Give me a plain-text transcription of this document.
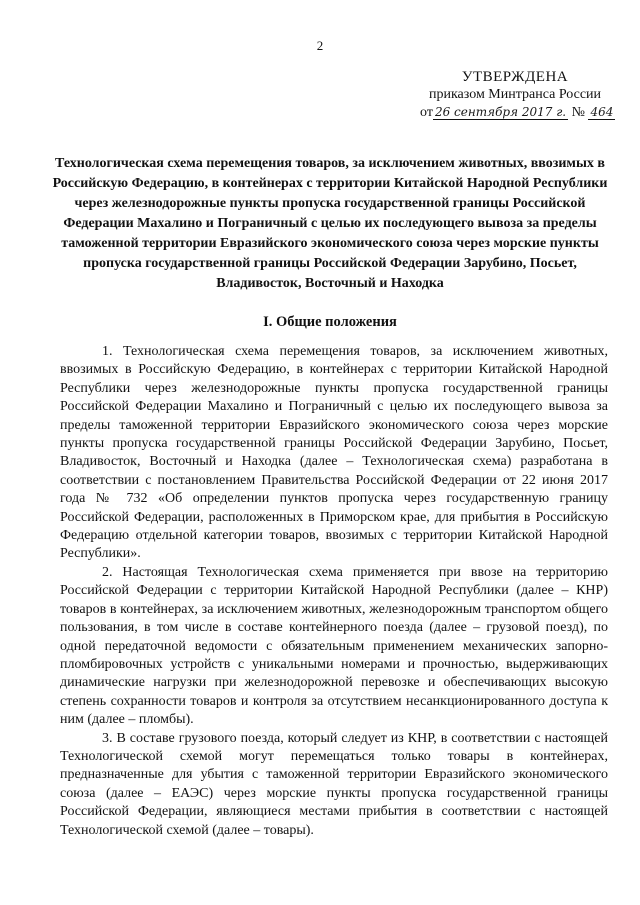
2
УТВЕРЖДЕНА
приказом Минтранса России
от 26 сентября 2017 г. № 464
Технологическая схема перемещения товаров, за исключением животных, ввозимых в Российскую Федерацию, в контейнерах с территории Китайской Народной Республики через железнодорожные пункты пропуска государственной границы Российской Федерации Махалино и Пограничный с целью их последующего вывоза за пределы таможенной территории Евразийского экономического союза через морские пункты пропуска государственной границы Российской Федерации Зарубино, Посьет, Владивосток, Восточный и Находка
I. Общие положения

1. Технологическая схема перемещения товаров, за исключением животных, ввозимых в Российскую Федерацию, в контейнерах с территории Китайской Народной Республики через железнодорожные пункты пропуска государственной границы Российской Федерации Махалино и Пограничный с целью их последующего вывоза за пределы таможенной территории Евразийского экономического союза через морские пункты пропуска государственной границы Российской Федерации Зарубино, Посьет, Владивосток, Восточный и Находка (далее – Технологическая схема) разработана в соответствии с постановлением Правительства Российской Федерации от 22 июня 2017 года № 732 «Об определении пунктов пропуска через государственную границу Российской Федерации, расположенных в Приморском крае, для прибытия в Российскую Федерацию отдельной категории товаров, ввозимых с территории Китайской Народной Республики».

2. Настоящая Технологическая схема применяется при ввозе на территорию Российской Федерации с территории Китайской Народной Республики (далее – КНР) товаров в контейнерах, за исключением животных, железнодорожным транспортом общего пользования, в том числе в составе контейнерного поезда (далее – грузовой поезд), по одной передаточной ведомости с обязательным применением механических запорно-пломбировочных устройств с уникальными номерами и прочностью, выдерживающих динамические нагрузки при железнодорожной перевозке и обеспечивающих высокую степень сохранности товаров и контроля за отсутствием несанкционированного доступа к ним (далее – пломбы).

3. В составе грузового поезда, который следует из КНР, в соответствии с настоящей Технологической схемой могут перемещаться только товары в контейнерах, предназначенные для убытия с таможенной территории Евразийского экономического союза (далее – ЕАЭС) через морские пункты пропуска государственной границы Российской Федерации, являющиеся местами прибытия в соответствии с настоящей Технологической схемой (далее – товары).
